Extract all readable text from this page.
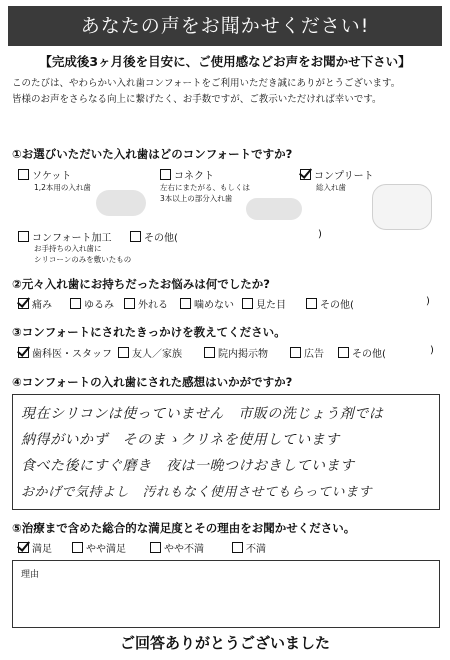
あなたの声をお聞かせください!
【完成後3ヶ月後を目安に、ご使用感などお声をお聞かせ下さい】
このたびは、やわらかい入れ歯コンフォートをご利用いただき誠にありがとうございます。
皆様のお声をさらなる向上に繋げたく、お手数ですが、ご教示いただければ幸いです。
①お選びいただいた入れ歯はどのコンフォートですか?
ソケット
1,2本用の入れ歯
コネクト
左右にまたがる、もしくは
3本以上の部分入れ歯
コンプリート
総入れ歯
コンフォート加工
お手持ちの入れ歯に
シリコーンのみを敷いたもの
その他(	)
②元々入れ歯にお持ちだったお悩みは何でしたか?
痛み	ゆるみ	外れる	噛めない	見た目	その他(	)
③コンフォートにされたきっかけを教えてください。
歯科医・スタッフ	友人／家族	院内掲示物	広告	その他(	)
④コンフォートの入れ歯にされた感想はいかがですか?
現在シリコンは使っていません　市販の洗じょう剤では
納得がいかず　そのまゝクリネを使用しています
食べた後にすぐ磨き　夜は一晩つけおきしています
おかげで気持よし　汚れもなく使用させてもらっています
⑤治療まで含めた総合的な満足度とその理由をお聞かせください。
満足	やや満足	やや不満	不満
理由
ご回答ありがとうございました
